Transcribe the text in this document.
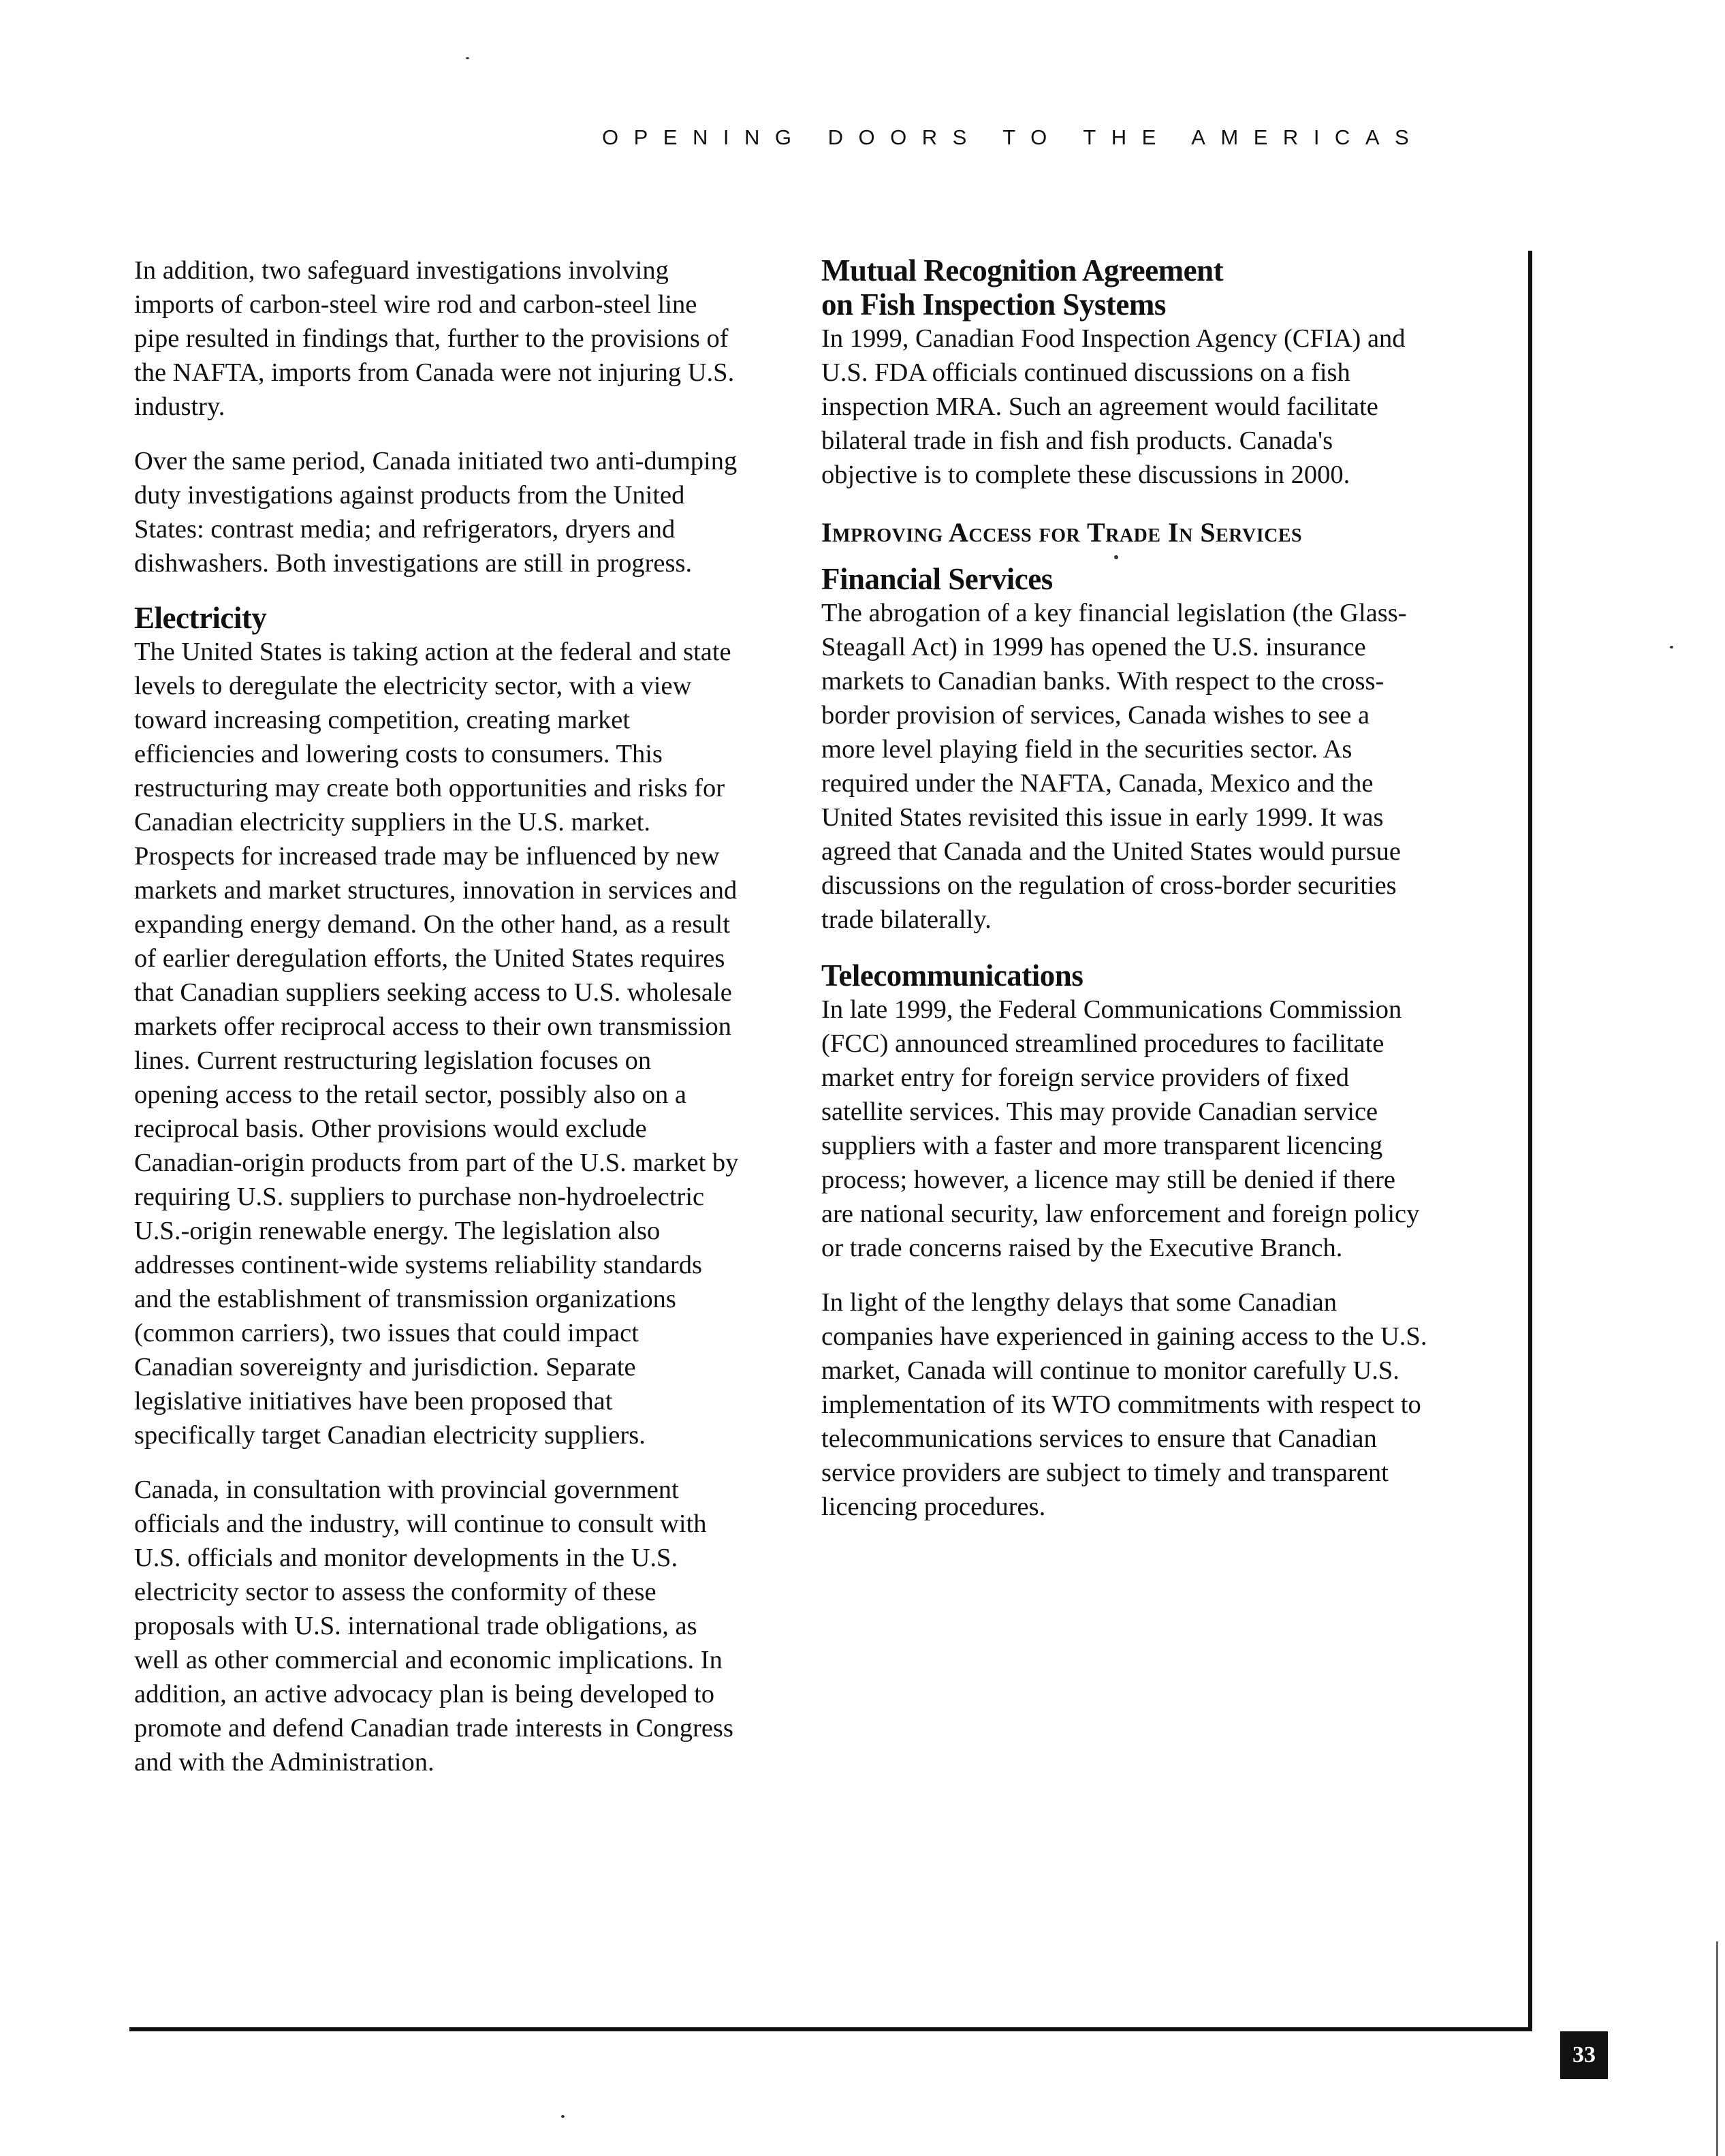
OPENING DOORS TO THE AMERICAS

In addition, two safeguard investigations involving imports of carbon-steel wire rod and carbon-steel line pipe resulted in findings that, further to the provisions of the NAFTA, imports from Canada were not injuring U.S. industry.

Over the same period, Canada initiated two anti-dumping duty investigations against products from the United States: contrast media; and refrigerators, dryers and dishwashers. Both investigations are still in progress.

Electricity

The United States is taking action at the federal and state levels to deregulate the electricity sector, with a view toward increasing competition, creating market efficiencies and lowering costs to consumers. This restructuring may create both opportunities and risks for Canadian electricity suppliers in the U.S. market. Prospects for increased trade may be influenced by new markets and market structures, innovation in services and expanding energy demand. On the other hand, as a result of earlier deregulation efforts, the United States requires that Canadian suppliers seeking access to U.S. wholesale markets offer reciprocal access to their own transmission lines. Current restructuring legislation focuses on opening access to the retail sector, possibly also on a reciprocal basis. Other provisions would exclude Canadian-origin products from part of the U.S. market by requiring U.S. suppliers to purchase non-hydroelectric U.S.-origin renewable energy. The legislation also addresses continent-wide systems reliability standards and the establishment of transmission organizations (common carriers), two issues that could impact Canadian sovereignty and jurisdiction. Separate legislative initiatives have been proposed that specifically target Canadian electricity suppliers.

Canada, in consultation with provincial government officials and the industry, will continue to consult with U.S. officials and monitor developments in the U.S. electricity sector to assess the conformity of these proposals with U.S. international trade obligations, as well as other commercial and economic implications. In addition, an active advocacy plan is being developed to promote and defend Canadian trade interests in Congress and with the Administration.

Mutual Recognition Agreement
on Fish Inspection Systems

In 1999, Canadian Food Inspection Agency (CFIA) and U.S. FDA officials continued discussions on a fish inspection MRA. Such an agreement would facilitate bilateral trade in fish and fish products. Canada's objective is to complete these discussions in 2000.

Improving Access for Trade In Services
Financial Services

The abrogation of a key financial legislation (the Glass-Steagall Act) in 1999 has opened the U.S. insurance markets to Canadian banks. With respect to the cross-border provision of services, Canada wishes to see a more level playing field in the securities sector. As required under the NAFTA, Canada, Mexico and the United States revisited this issue in early 1999. It was agreed that Canada and the United States would pursue discussions on the regulation of cross-border securities trade bilaterally.

Telecommunications

In late 1999, the Federal Communications Commission (FCC) announced streamlined procedures to facilitate market entry for foreign service providers of fixed satellite services. This may provide Canadian service suppliers with a faster and more transparent licencing process; however, a licence may still be denied if there are national security, law enforcement and foreign policy or trade concerns raised by the Executive Branch.

In light of the lengthy delays that some Canadian companies have experienced in gaining access to the U.S. market, Canada will continue to monitor carefully U.S. implementation of its WTO commitments with respect to telecommunications services to ensure that Canadian service providers are subject to timely and transparent licencing procedures.

33
